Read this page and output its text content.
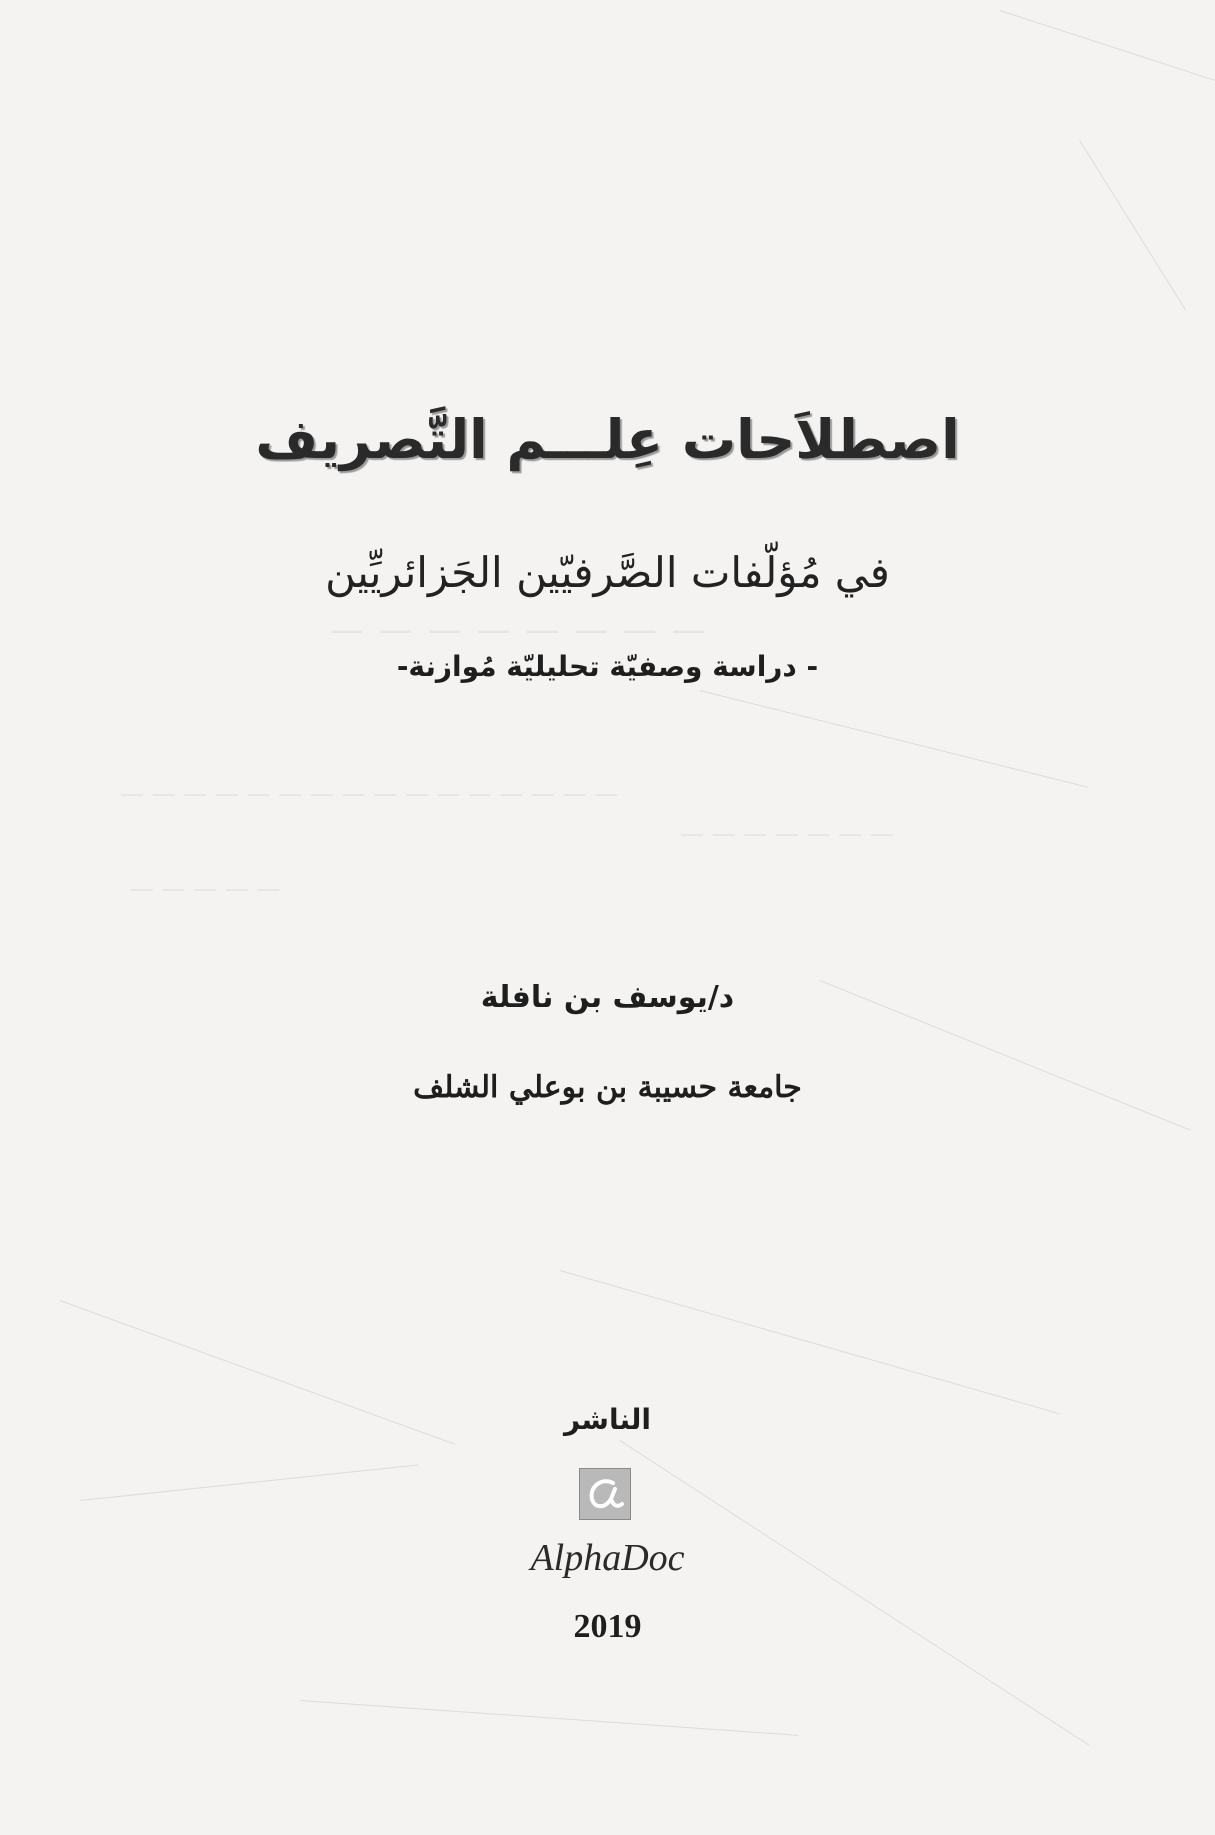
— — — — — — — —
— — — — — — — — — — — — — — — —
— — — — — — —
— — — — —
اصطلاَحات عِلـــم التَّصريف
في مُؤلّفات الصَّرفيّين الجَزائريِّين
- دراسة وصفيّة تحليليّة مُوازنة-
د/يوسف بن نافلة
جامعة حسيبة بن بوعلي الشلف
الناشر
AlphaDoc
2019
